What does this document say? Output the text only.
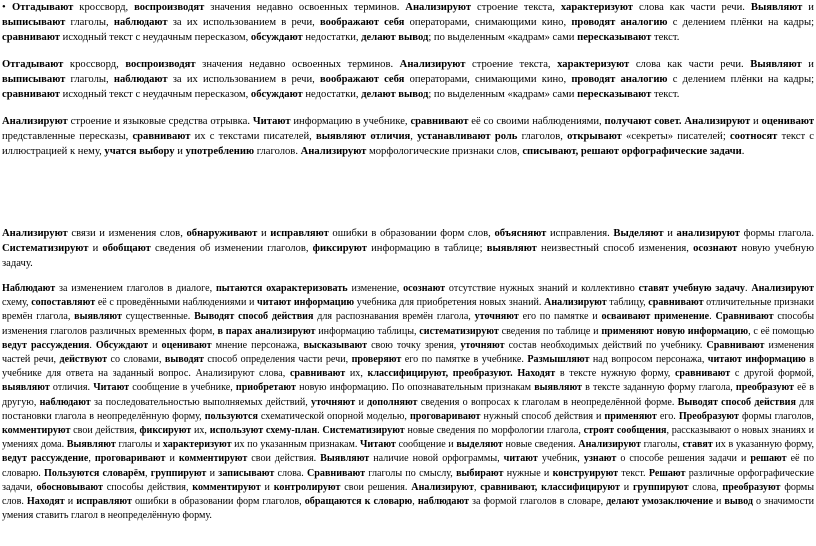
• Отгадывают кроссворд, воспроизводят значения недавно освоенных терминов. Анализируют строение текста, характеризуют слова как части речи. Выявляют и выписывают глаголы, наблюдают за их использованием в речи, воображают себя операторами, снимающими кино, проводят аналогию с делением плёнки на кадры; сравнивают исходный текст с неудачным пересказом, обсуждают недостатки, делают вывод; по выделенным «кадрам» сами пересказывают текст.

Отгадывают кроссворд, воспроизводят значения недавно освоенных терминов. Анализируют строение текста, характеризуют слова как части речи. Выявляют и выписывают глаголы, наблюдают за их использованием в речи, воображают себя операторами, снимающими кино, проводят аналогию с делением плёнки на кадры; сравнивают исходный текст с неудачным пересказом, обсуждают недостатки, делают вывод; по выделенным «кадрам» сами пересказывают текст.

Анализируют строение и языковые средства отрывка. Читают информацию в учебнике, сравнивают её со своими наблюдениями, получают совет. Анализируют и оценивают представленные пересказы, сравнивают их с текстами писателей, выявляют отличия, устанавливают роль глаголов, открывают «секреты» писателей; соотносят текст с иллюстрацией к нему, учатся выбору и употреблению глаголов. Анализируют морфологические признаки слов, списывают, решают орфографические задачи.

Анализируют связи и изменения слов, обнаруживают и исправляют ошибки в образовании форм слов, объясняют исправления. Выделяют и анализируют формы глагола. Систематизируют и обобщают сведения об изменении глаголов, фиксируют информацию в таблице; выявляют неизвестный способ изменения, осознают новую учебную задачу.

Наблюдают за изменением глаголов в диалоге, пытаются охарактеризовать изменение, осознают отсутствие нужных знаний и коллективно ставят учебную задачу. Анализируют схему, сопоставляют её с проведёнными наблюдениями и читают информацию учебника для приобретения новых знаний. Анализируют таблицу, сравнивают отличительные признаки времён глагола, выявляют существенные. Выводят способ действия для распознавания времён глагола, уточняют его по памятке и осваивают применение. Сравнивают способы изменения глаголов различных временных форм, в парах анализируют информацию таблицы, систематизируют сведения по таблице и применяют новую информацию, с её помощью ведут рассуждения. Обсуждают и оценивают мнение персонажа, высказывают свою точку зрения, уточняют состав необходимых действий по учебнику. Сравнивают изменения частей речи, действуют со словами, выводят способ определения части речи, проверяют его по памятке в учебнике. Размышляют над вопросом персонажа, читают информацию в учебнике для ответа на заданный вопрос. Анализируют слова, сравнивают их, классифицируют, преобразуют. Находят в тексте нужную форму, сравнивают с другой формой, выявляют отличия. Читают сообщение в учебнике, приобретают новую информацию. По опознавательным признакам выявляют в тексте заданную форму глагола, преобразуют её в другую, наблюдают за последовательностью выполняемых действий, уточняют и дополняют сведения о вопросах к глаголам в неопределённой форме. Выводят способ действия для постановки глагола в неопределённую форму, пользуются схематической опорной моделью, проговаривают нужный способ действия и применяют его. Преобразуют формы глаголов, комментируют свои действия, фиксируют их, используют схему-план. Систематизируют новые сведения по морфологии глагола, строят сообщения, рассказывают о новых знаниях и умениях дома. Выявляют глаголы и характеризуют их по указанным признакам. Читают сообщение и выделяют новые сведения. Анализируют глаголы, ставят их в указанную форму, ведут рассуждение, проговаривают и комментируют свои действия. Выявляют наличие новой орфограммы, читают учебник, узнают о способе решения задачи и решают её по словарю. Пользуются словарём, группируют и записывают слова. Сравнивают глаголы по смыслу, выбирают нужные и конструируют текст. Решают различные орфографические задачи, обосновывают способы действия, комментируют и контролируют свои решения. Анализируют, сравнивают, классифицируют и группируют слова, преобразуют формы слов. Находят и исправляют ошибки в образовании форм глаголов, обращаются к словарю, наблюдают за формой глаголов в словаре, делают умозаключение и вывод о значимости умения ставить глагол в неопределённую форму.
